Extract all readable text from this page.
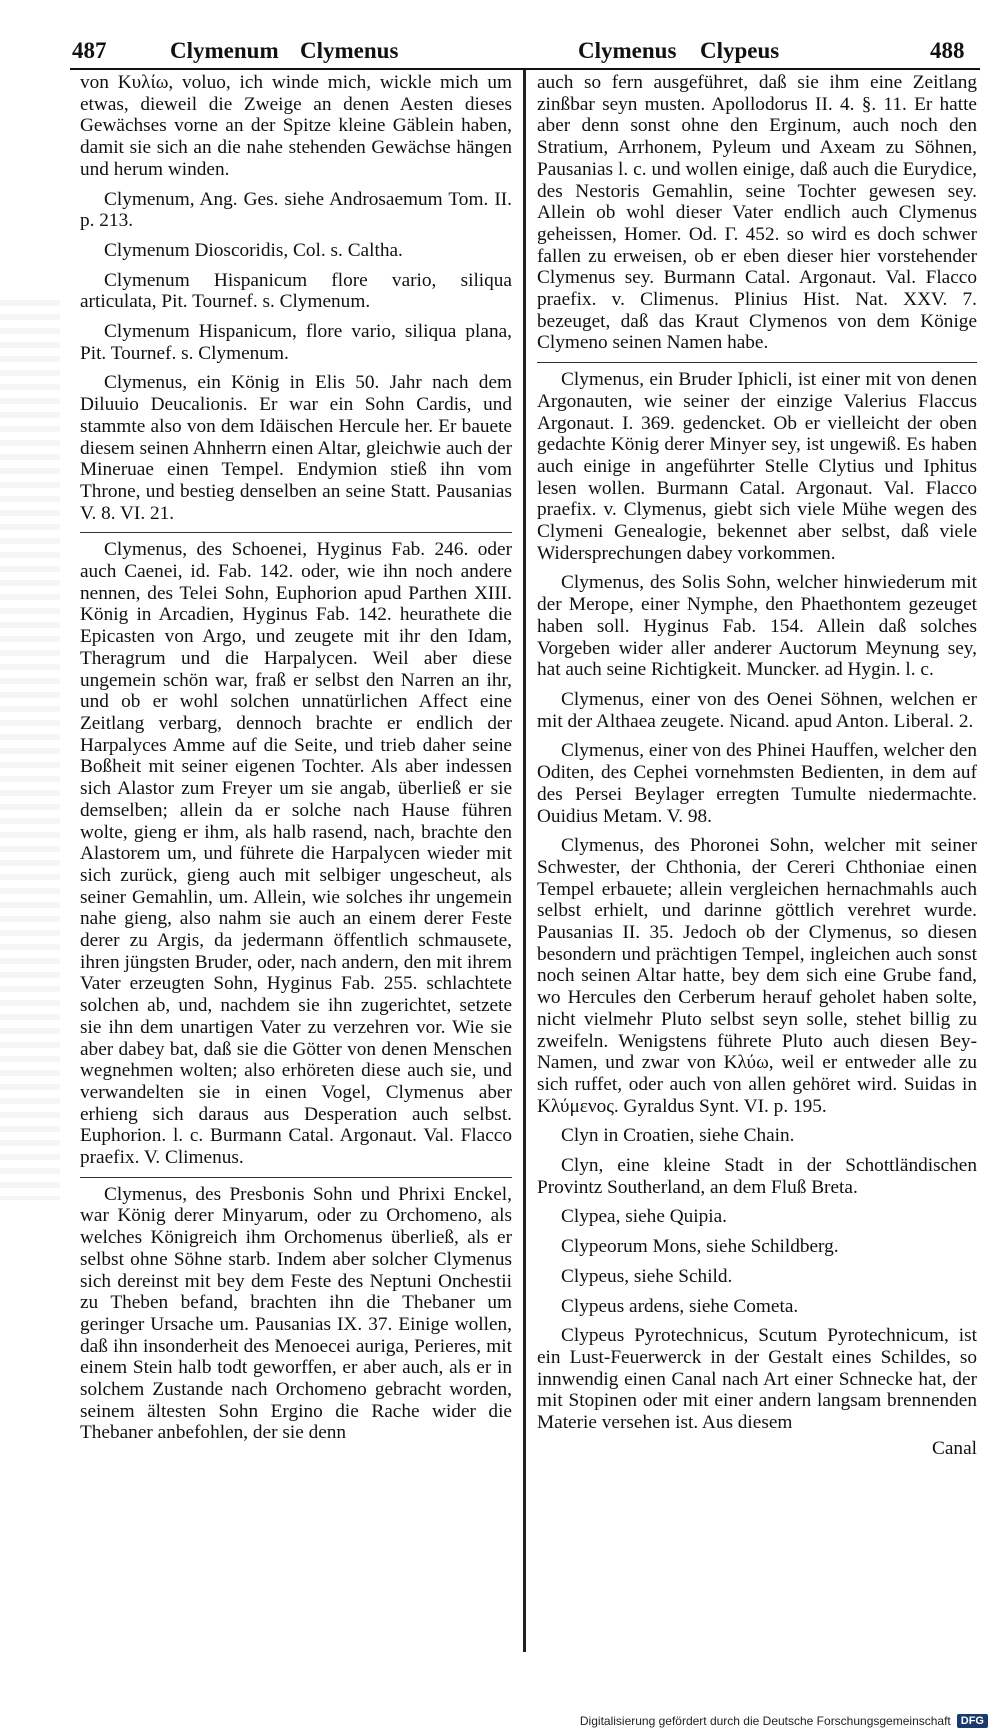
487	Clymenum Clymenus	Clymenus Clypeus	488

von Κυλίω, voluo, ich winde mich, wickle mich um etwas, dieweil die Zweige an denen Aesten dieses Gewächses vorne an der Spitze kleine Gäblein haben, damit sie sich an die nahe stehenden Gewächse hängen und herum winden.

Clymenum, Ang. Ges. siehe Androsaemum Tom. II. p. 213.

Clymenum Dioscoridis, Col. s. Caltha.

Clymenum Hispanicum flore vario, siliqua articulata, Pit. Tournef. s. Clymenum.

Clymenum Hispanicum, flore vario, siliqua plana, Pit. Tournef. s. Clymenum.

Clymenus, ein König in Elis 50. Jahr nach dem Diluuio Deucalionis. Er war ein Sohn Cardis, und stammte also von dem Idäischen Hercule her. Er bauete diesem seinen Ahnherrn einen Altar, gleichwie auch der Mineruae einen Tempel. Endymion stieß ihn vom Throne, und bestieg denselben an seine Statt. Pausanias V. 8. VI. 21.

Clymenus, des Schoenei, Hyginus Fab. 246. oder auch Caenei, id. Fab. 142. oder, wie ihn noch andere nennen, des Telei Sohn, Euphorion apud Parthen XIII. König in Arcadien, Hyginus Fab. 142. heurathete die Epicasten von Argo, und zeugete mit ihr den Idam, Theragrum und die Harpalycen. Weil aber diese ungemein schön war, fraß er selbst den Narren an ihr, und ob er wohl solchen unnatürlichen Affect eine Zeitlang verbarg, dennoch brachte er endlich der Harpalyces Amme auf die Seite, und trieb daher seine Boßheit mit seiner eigenen Tochter. Als aber indessen sich Alastor zum Freyer um sie angab, überließ er sie demselben; allein da er solche nach Hause führen wolte, gieng er ihm, als halb rasend, nach, brachte den Alastorem um, und führete die Harpalycen wieder mit sich zurück, gieng auch mit selbiger ungescheut, als seiner Gemahlin, um. Allein, wie solches ihr ungemein nahe gieng, also nahm sie auch an einem derer Feste derer zu Argis, da jedermann öffentlich schmausete, ihren jüngsten Bruder, oder, nach andern, den mit ihrem Vater erzeugten Sohn, Hyginus Fab. 255. schlachtete solchen ab, und, nachdem sie ihn zugerichtet, setzete sie ihn dem unartigen Vater zu verzehren vor. Wie sie aber dabey bat, daß sie die Götter von denen Menschen wegnehmen wolten; also erhöreten diese auch sie, und verwandelten sie in einen Vogel, Clymenus aber erhieng sich daraus aus Desperation auch selbst. Euphorion. l. c. Burmann Catal. Argonaut. Val. Flacco praefix. V. Climenus.

Clymenus, des Presbonis Sohn und Phrixi Enckel, war König derer Minyarum, oder zu Orchomeno, als welches Königreich ihm Orchomenus überließ, als er selbst ohne Söhne starb. Indem aber solcher Clymenus sich dereinst mit bey dem Feste des Neptuni Onchestii zu Theben befand, brachten ihn die Thebaner um geringer Ursache um. Pausanias IX. 37. Einige wollen, daß ihn insonderheit des Menoecei auriga, Perieres, mit einem Stein halb todt geworffen, er aber auch, als er in solchem Zustande nach Orchomeno gebracht worden, seinem ältesten Sohn Ergino die Rache wider die Thebaner anbefohlen, der sie denn

auch so fern ausgeführet, daß sie ihm eine Zeitlang zinßbar seyn musten. Apollodorus II. 4. §. 11. Er hatte aber denn sonst ohne den Erginum, auch noch den Stratium, Arrhonem, Pyleum und Axeam zu Söhnen, Pausanias l. c. und wollen einige, daß auch die Eurydice, des Nestoris Gemahlin, seine Tochter gewesen sey. Allein ob wohl dieser Vater endlich auch Clymenus geheissen, Homer. Od. Γ. 452. so wird es doch schwer fallen zu erweisen, ob er eben dieser hier vorstehender Clymenus sey. Burmann Catal. Argonaut. Val. Flacco praefix. v. Climenus. Plinius Hist. Nat. XXV. 7. bezeuget, daß das Kraut Clymenos von dem Könige Clymeno seinen Namen habe.

Clymenus, ein Bruder Iphicli, ist einer mit von denen Argonauten, wie seiner der einzige Valerius Flaccus Argonaut. I. 369. gedencket. Ob er vielleicht der oben gedachte König derer Minyer sey, ist ungewiß. Es haben auch einige in angeführter Stelle Clytius und Iphitus lesen wollen. Burmann Catal. Argonaut. Val. Flacco praefix. v. Clymenus, giebt sich viele Mühe wegen des Clymeni Genealogie, bekennet aber selbst, daß viele Widersprechungen dabey vorkommen.

Clymenus, des Solis Sohn, welcher hinwiederum mit der Merope, einer Nymphe, den Phaethontem gezeuget haben soll. Hyginus Fab. 154. Allein daß solches Vorgeben wider aller anderer Auctorum Meynung sey, hat auch seine Richtigkeit. Muncker. ad Hygin. l. c.

Clymenus, einer von des Oenei Söhnen, welchen er mit der Althaea zeugete. Nicand. apud Anton. Liberal. 2.

Clymenus, einer von des Phinei Hauffen, welcher den Oditen, des Cephei vornehmsten Bedienten, in dem auf des Persei Beylager erregten Tumulte niedermachte. Ouidius Metam. V. 98.

Clymenus, des Phoronei Sohn, welcher mit seiner Schwester, der Chthonia, der Cereri Chthoniae einen Tempel erbauete; allein vergleichen hernachmahls auch selbst erhielt, und darinne göttlich verehret wurde. Pausanias II. 35. Jedoch ob der Clymenus, so diesen besondern und prächtigen Tempel, ingleichen auch sonst noch seinen Altar hatte, bey dem sich eine Grube fand, wo Hercules den Cerberum herauf geholet haben solte, nicht vielmehr Pluto selbst seyn solle, stehet billig zu zweifeln. Wenigstens führete Pluto auch diesen Bey-Namen, und zwar von Κλύω, weil er entweder alle zu sich ruffet, oder auch von allen gehöret wird. Suidas in Κλύμενος. Gyraldus Synt. VI. p. 195.

Clyn in Croatien, siehe Chain.

Clyn, eine kleine Stadt in der Schottländischen Provintz Southerland, an dem Fluß Breta.

Clypea, siehe Quipia.

Clypeorum Mons, siehe Schildberg.

Clypeus, siehe Schild.

Clypeus ardens, siehe Cometa.

Clypeus Pyrotechnicus, Scutum Pyrotechnicum, ist ein Lust-Feuerwerck in der Gestalt eines Schildes, so innwendig einen Canal nach Art einer Schnecke hat, der mit Stopinen oder mit einer andern langsam brennenden Materie versehen ist. Aus diesem

Canal

Digitalisierung gefördert durch die Deutsche Forschungsgemeinschaft DFG
